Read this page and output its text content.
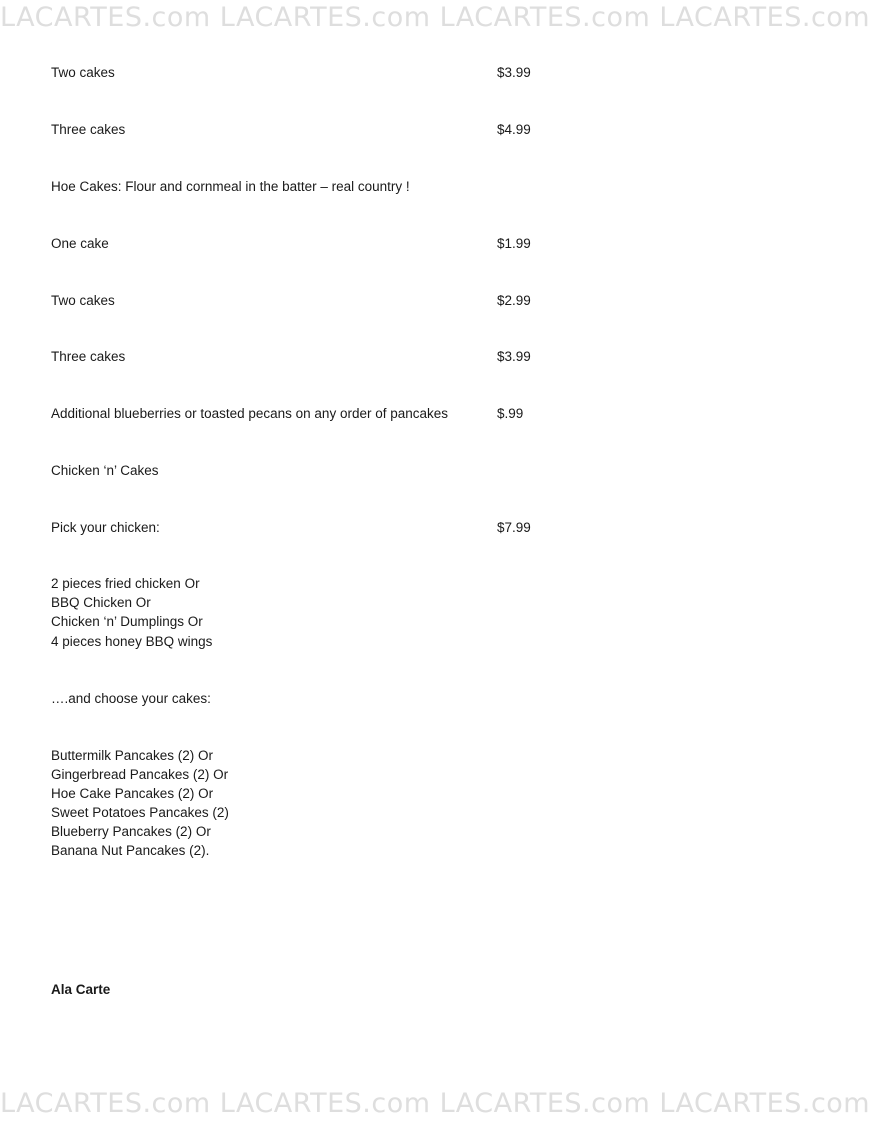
LACARTES.com LACARTES.com LACARTES.com LACARTES.com
Two cakes	$3.99
Three cakes	$4.99
Hoe Cakes: Flour and cornmeal in the batter – real country !
One cake	$1.99
Two cakes	$2.99
Three cakes	$3.99
Additional blueberries or toasted pecans on any order of pancakes	$.99
Chicken ‘n’ Cakes
Pick your chicken:	$7.99
2 pieces fried chicken Or
BBQ Chicken Or
Chicken ‘n’ Dumplings Or
4 pieces honey BBQ wings
….and choose your cakes:
Buttermilk Pancakes (2) Or
Gingerbread Pancakes (2) Or
Hoe Cake Pancakes (2) Or
Sweet Potatoes Pancakes (2)
Blueberry Pancakes (2) Or
Banana Nut Pancakes (2).
Ala Carte
LACARTES.com LACARTES.com LACARTES.com LACARTES.com
